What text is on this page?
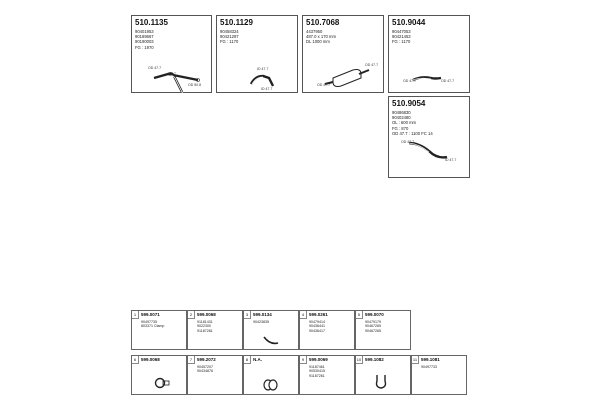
510.1135
90401953
90189667
90190003
FG : 1970
OD 47.7
17.7
OD 50.8
510.1129
90458324
90421297
FG : 1170
ID 47.7
ID 47.7
510.7068
4437950
487.0 x 170 mm
DL 1000 mm
OD 47.7
OD 47.7
510.9044
90447053
90421453
FG : 1170
OD 47.7	OD 47.7
510.9054
90486830
90402480
OL : 600 mm
FG : 870
OD 47.7 : 1100 FC 14
OD 47.7
ID 47.7
1	599.0071
90497735
803371 Clamp
2	599.0068
91181431
9022300
91187281
3	599.0134
90423835
4	599.0261
90479414
90436441
90436417
5	599.0070
90479179
90467265
90467265
6	599.0068	7	599.2072
90457207
90434876
8	N.A.	9	599.0069
91187461
90530415
91187261
10 599.1082	11 599.1081
90497733
